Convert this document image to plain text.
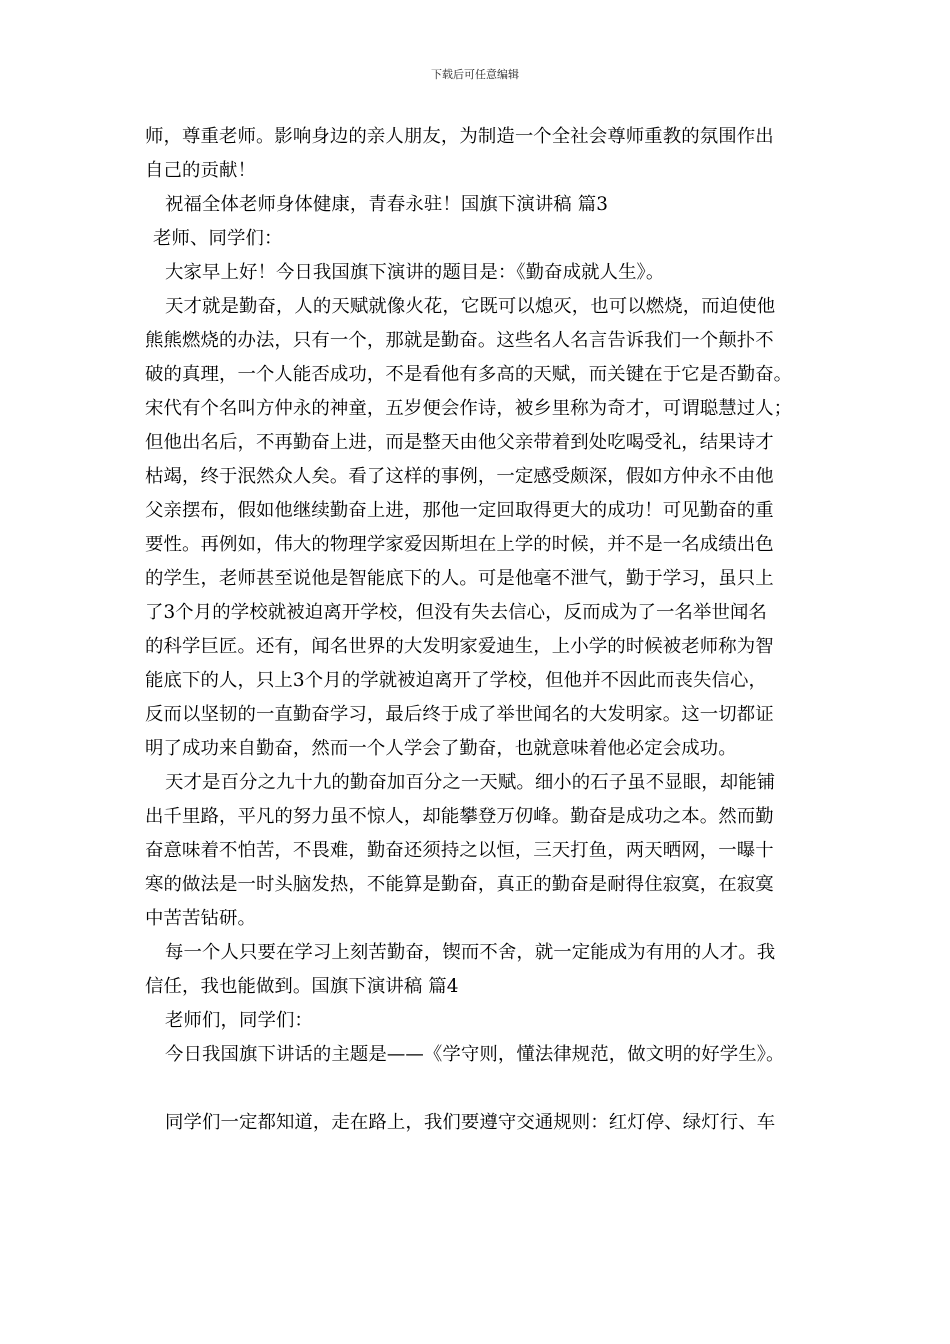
下载后可任意编辑
师，尊重老师。影响身边的亲人朋友，为制造一个全社会尊师重教的氛围作出
自己的贡献！
祝福全体老师身体健康，青春永驻！国旗下演讲稿 篇3
老师、同学们：
大家早上好！今日我国旗下演讲的题目是：《勤奋成就人生》。
天才就是勤奋，人的天赋就像火花，它既可以熄灭，也可以燃烧，而迫使他
熊熊燃烧的办法，只有一个，那就是勤奋。这些名人名言告诉我们一个颠扑不
破的真理，一个人能否成功，不是看他有多高的天赋，而关键在于它是否勤奋。
宋代有个名叫方仲永的神童，五岁便会作诗，被乡里称为奇才，可谓聪慧过人；
但他出名后，不再勤奋上进，而是整天由他父亲带着到处吃喝受礼，结果诗才
枯竭，终于泯然众人矣。看了这样的事例，一定感受颇深，假如方仲永不由他
父亲摆布，假如他继续勤奋上进，那他一定回取得更大的成功！可见勤奋的重
要性。再例如，伟大的物理学家爱因斯坦在上学的时候，并不是一名成绩出色
的学生，老师甚至说他是智能底下的人。可是他毫不泄气，勤于学习，虽只上
了3个月的学校就被迫离开学校，但没有失去信心，反而成为了一名举世闻名
的科学巨匠。还有，闻名世界的大发明家爱迪生，上小学的时候被老师称为智
能底下的人，只上3个月的学就被迫离开了学校，但他并不因此而丧失信心，
反而以坚韧的一直勤奋学习，最后终于成了举世闻名的大发明家。这一切都证
明了成功来自勤奋，然而一个人学会了勤奋，也就意味着他必定会成功。
天才是百分之九十九的勤奋加百分之一天赋。细小的石子虽不显眼，却能铺
出千里路，平凡的努力虽不惊人，却能攀登万仞峰。勤奋是成功之本。然而勤
奋意味着不怕苦，不畏难，勤奋还须持之以恒，三天打鱼，两天晒网，一曝十
寒的做法是一时头脑发热，不能算是勤奋，真正的勤奋是耐得住寂寞，在寂寞
中苦苦钻研。
每一个人只要在学习上刻苦勤奋，锲而不舍，就一定能成为有用的人才。我
信任，我也能做到。国旗下演讲稿 篇4
老师们，同学们：
今日我国旗下讲话的主题是——《学守则，懂法律规范，做文明的好学生》。
同学们一定都知道，走在路上，我们要遵守交通规则：红灯停、绿灯行、车
